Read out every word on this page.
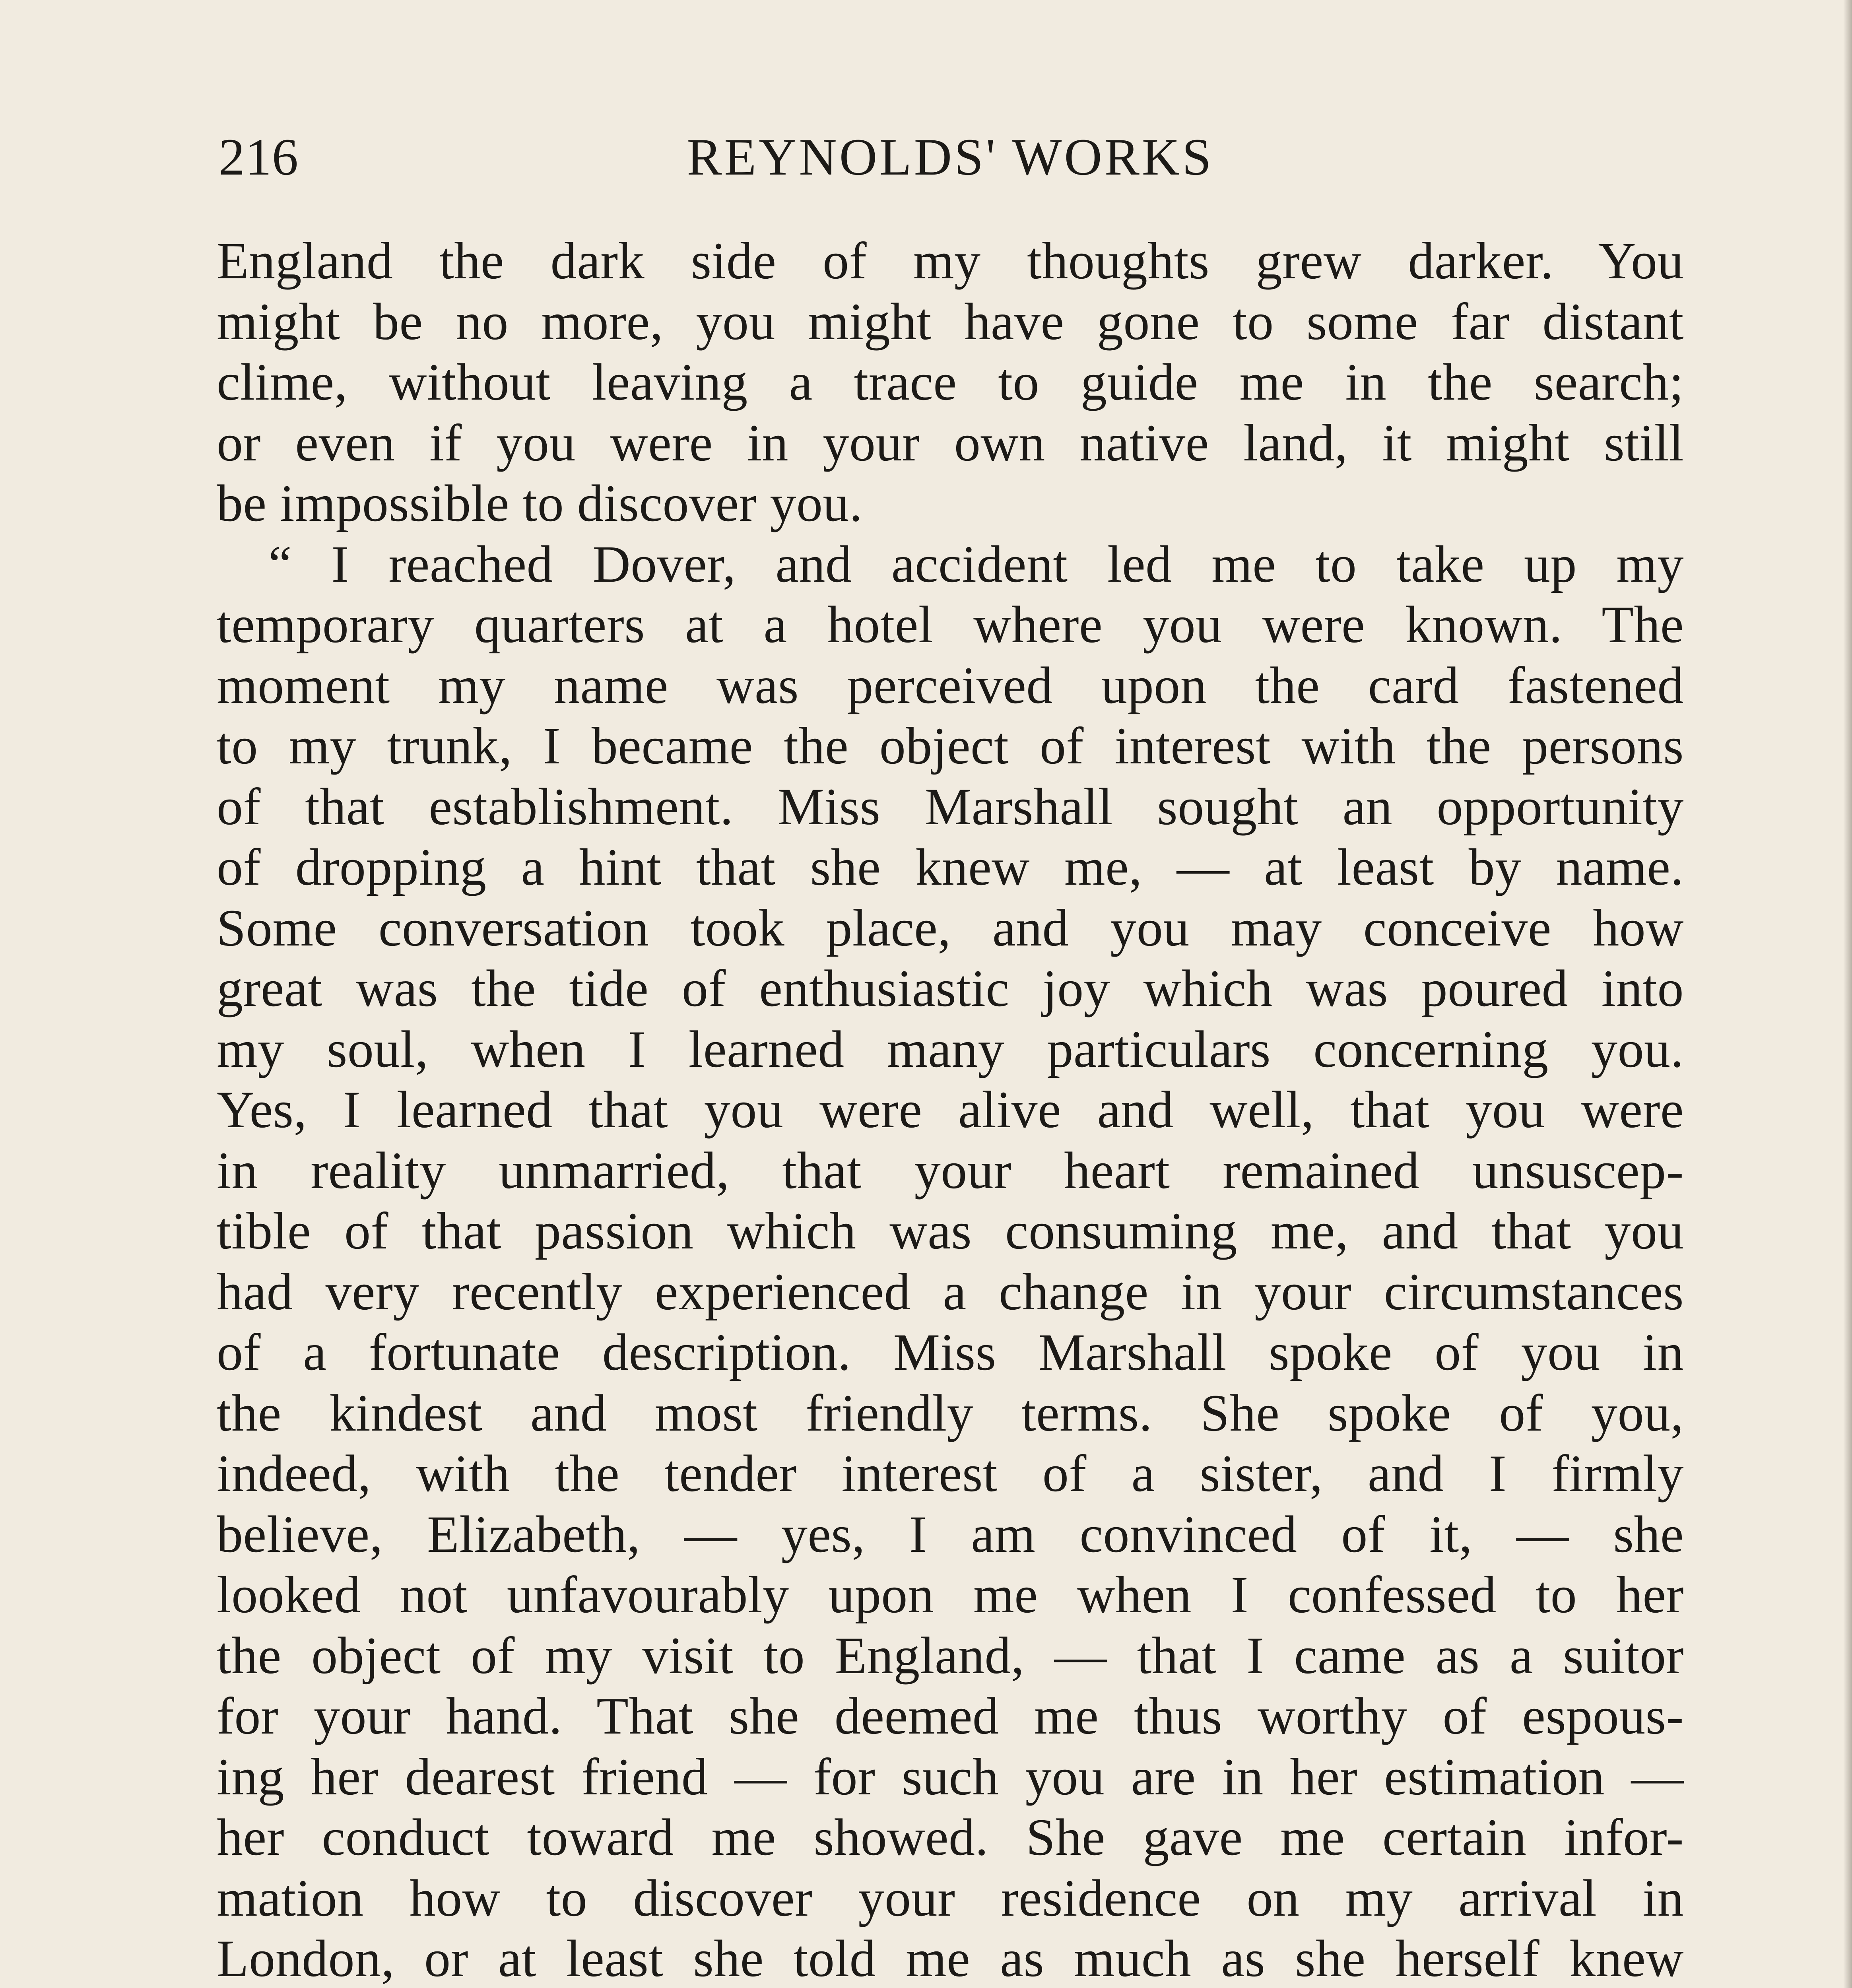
216	REYNOLDS' WORKS
England the dark side of my thoughts grew darker. You
might be no more, you might have gone to some far distant
clime, without leaving a trace to guide me in the search;
or even if you were in your own native land, it might still
be impossible to discover you.
“ I reached Dover, and accident led me to take up my
temporary quarters at a hotel where you were known. The
moment my name was perceived upon the card fastened
to my trunk, I became the object of interest with the persons
of that establishment. Miss Marshall sought an opportunity
of dropping a hint that she knew me, — at least by name.
Some conversation took place, and you may conceive how
great was the tide of enthusiastic joy which was poured into
my soul, when I learned many particulars concerning you.
Yes, I learned that you were alive and well, that you were
in reality unmarried, that your heart remained unsuscep-
tible of that passion which was consuming me, and that you
had very recently experienced a change in your circumstances
of a fortunate description. Miss Marshall spoke of you in
the kindest and most friendly terms. She spoke of you,
indeed, with the tender interest of a sister, and I firmly
believe, Elizabeth, — yes, I am convinced of it, — she
looked not unfavourably upon me when I confessed to her
the object of my visit to England, — that I came as a suitor
for your hand. That she deemed me thus worthy of espous-
ing her dearest friend — for such you are in her estimation —
her conduct toward me showed. She gave me certain infor-
mation how to discover your residence on my arrival in
London, or at least she told me as much as she herself knew
